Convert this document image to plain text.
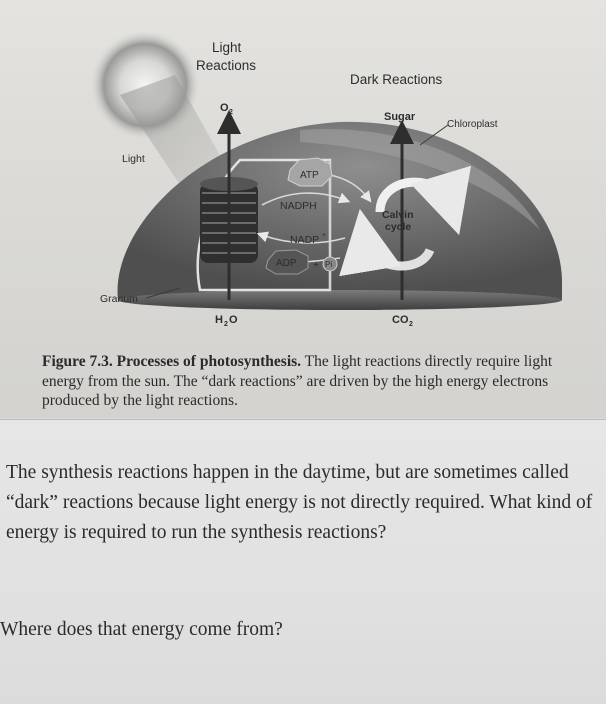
ATP
ADP + Pi
NADPH
NADP +
Calvin
cycle
Light
Reactions
Dark Reactions
O 2	Sugar
Chloroplast
Light
Granum
H 2 O	CO 2
Figure 7.3. Processes of photosynthesis. The light reactions directly require light energy from the sun. The “dark reactions” are driven by the high energy electrons produced by the light reactions.
The synthesis reactions happen in the daytime, but are sometimes called “dark” reactions because light energy is not directly required. What kind of energy is required to run the synthesis reactions?
Where does that energy come from?
